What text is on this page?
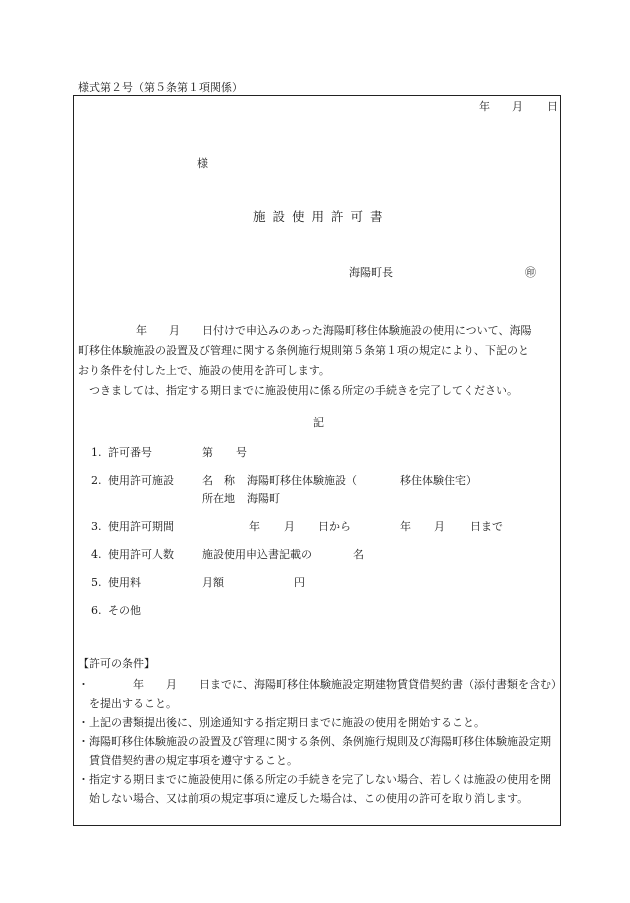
様式第２号（第５条第１項関係）
年 月 日
様
施設使用許可書
海陽町長	㊞
年　　月　　日付けで申込みのあった海陽町移住体験施設の使用について、海陽
町移住体験施設の設置及び管理に関する条例施行規則第５条第１項の規定により、下記のと
おり条件を付した上で、施設の使用を許可します。
つきましては、指定する期日までに施設使用に係る所定の手続きを完了してください。
記
1. 許可番号	第 号
2. 使用許可施設	名　称 海陽町移住体験施設（	移住体験住宅）
所在地 海陽町
3. 使用許可期間	年 月 日から	年 月 日まで
4. 使用許可人数	施設使用申込書記載の	名
5. 使用料	月額	円
6. その他
【許可の条件】

・　　　　年　　月　　日までに、海陽町移住体験施設定期建物賃貸借契約書（添付書類を含む）を提出すること。

・上記の書類提出後に、別途通知する指定期日までに施設の使用を開始すること。

・海陽町移住体験施設の設置及び管理に関する条例、条例施行規則及び海陽町移住体験施設定期賃貸借契約書の規定事項を遵守すること。

・指定する期日までに施設使用に係る所定の手続きを完了しない場合、若しくは施設の使用を開始しない場合、又は前項の規定事項に違反した場合は、この使用の許可を取り消します。
